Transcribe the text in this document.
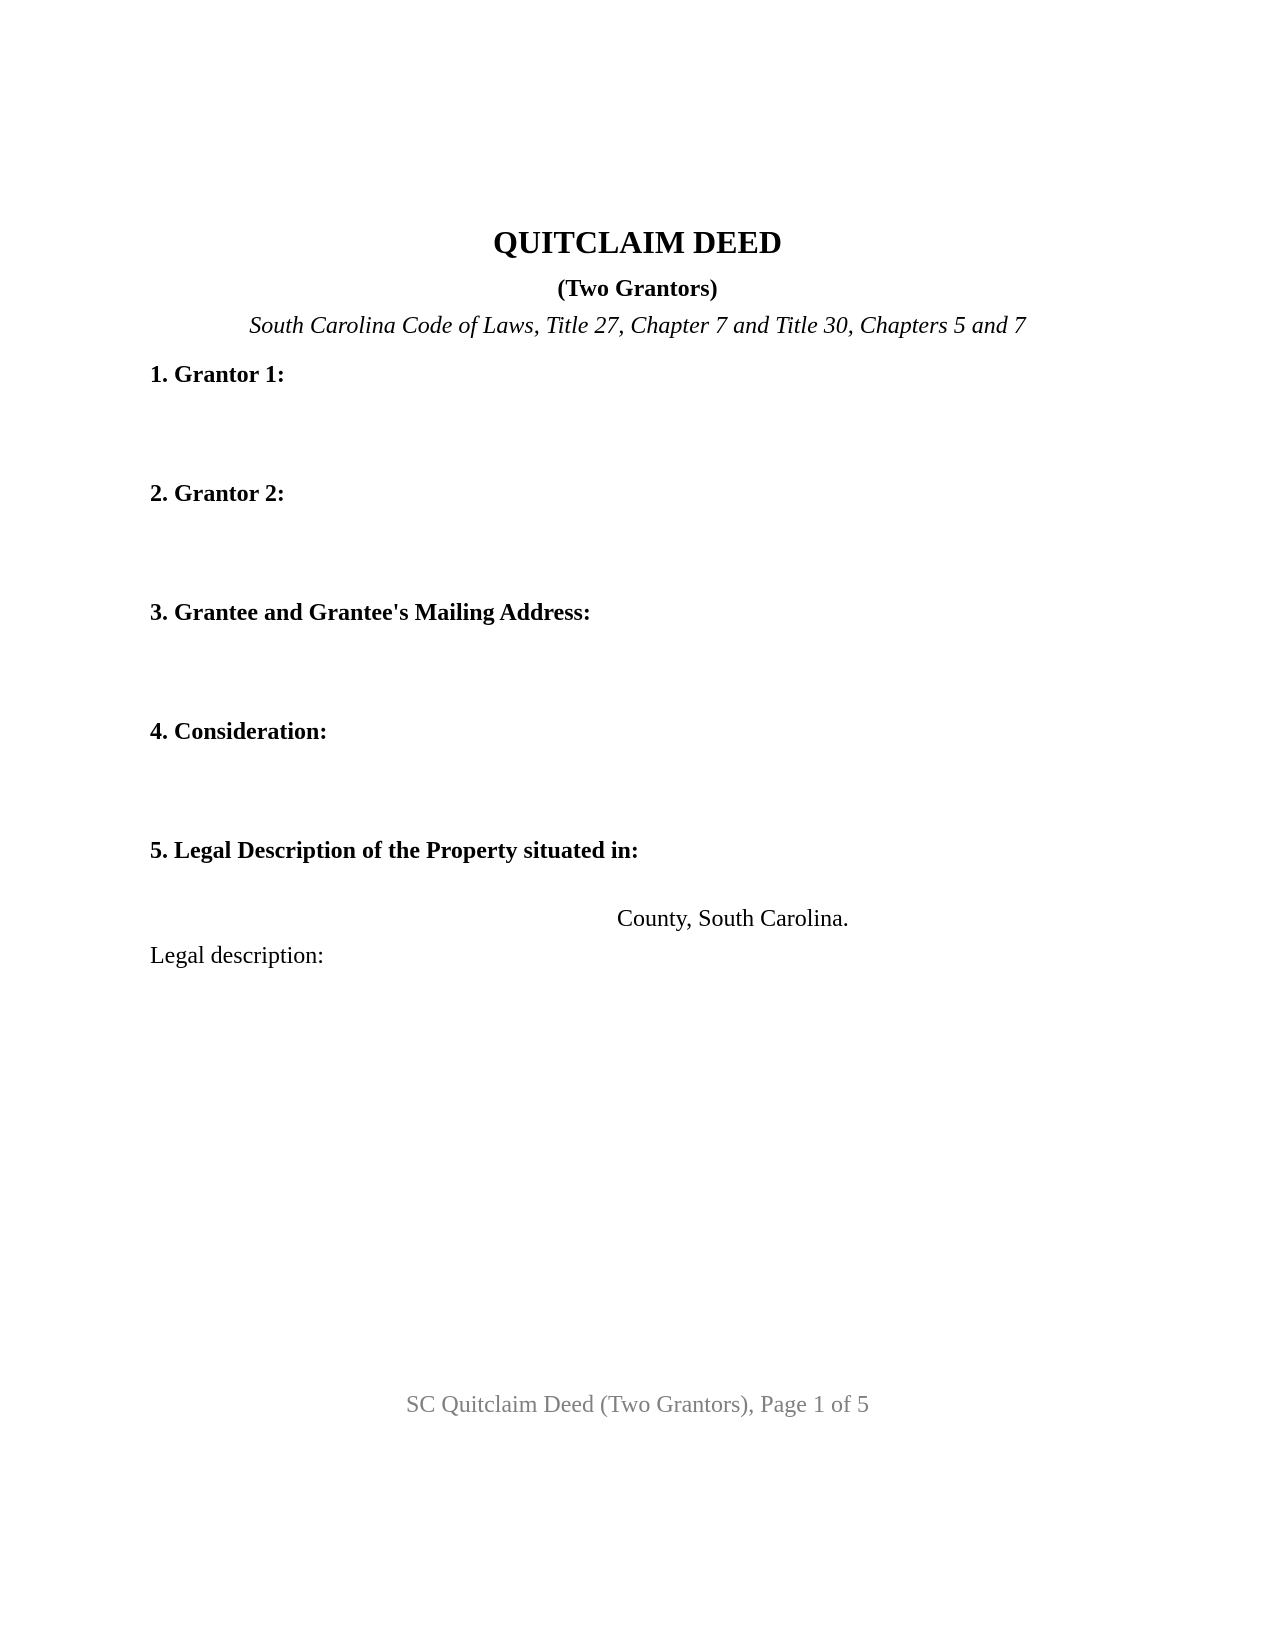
QUITCLAIM DEED
(Two Grantors)
South Carolina Code of Laws, Title 27, Chapter 7 and Title 30, Chapters 5 and 7
1. Grantor 1:
2. Grantor 2:
3. Grantee and Grantee's Mailing Address:
4. Consideration:
5. Legal Description of the Property situated in:
County, South Carolina.
Legal description:
SC Quitclaim Deed (Two Grantors), Page 1 of 5
